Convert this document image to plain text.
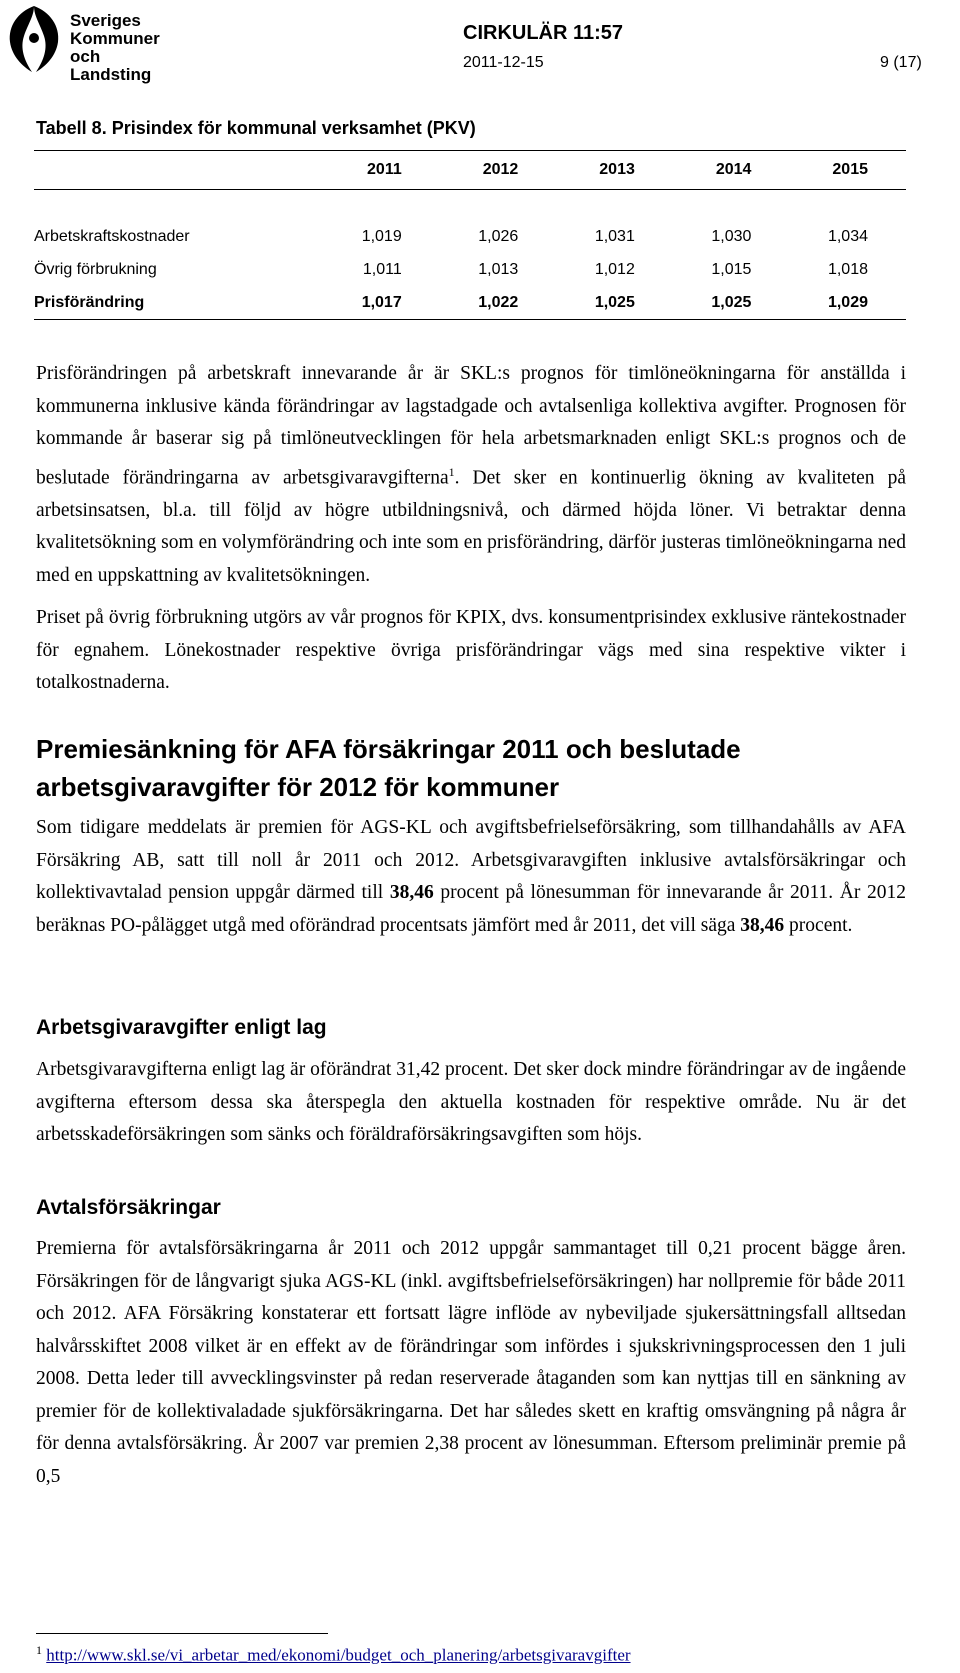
Sveriges
Kommuner
och Landsting
CIRKULÄR 11:57
2011-12-15	9 (17)
Tabell 8. Prisindex för kommunal verksamhet (PKV)
	2011	2012	2013	2014	2015

Arbetskraftskostnader	1,019	1,026	1,031	1,030	1,034
Övrig förbrukning	1,011	1,013	1,012	1,015	1,018
Prisförändring	1,017	1,022	1,025	1,025	1,029

Prisförändringen på arbetskraft innevarande år är SKL:s prognos för timlöneökningarna för anställda i kommunerna inklusive kända förändringar av lagstadgade och avtalsenliga kollektiva avgifter. Prognosen för kommande år baserar sig på timlöneutvecklingen för hela arbetsmarknaden enligt SKL:s prognos och de beslutade förändringarna av arbetsgivaravgifterna$^1$. Det sker en kontinuerlig ökning av kvaliteten på arbetsinsatsen, bl.a. till följd av högre utbildningsnivå, och därmed höjda löner. Vi betraktar denna kvalitetsökning som en volymförändring och inte som en prisförändring, därför justeras timlöneökningarna ned med en uppskattning av kvalitetsökningen.

Priset på övrig förbrukning utgörs av vår prognos för KPIX, dvs. konsumentprisindex exklusive räntekostnader för egnahem. Lönekostnader respektive övriga prisförändringar vägs med sina respektive vikter i totalkostnaderna.

Premiesänkning för AFA försäkringar 2011 och beslutade arbetsgivaravgifter för 2012 för kommuner

Som tidigare meddelats är premien för AGS-KL och avgiftsbefrielseförsäkring, som tillhandahålls av AFA Försäkring AB, satt till noll år 2011 och 2012. Arbetsgivaravgiften inklusive avtalsförsäkringar och kollektivavtalad pension uppgår därmed till 38,46 procent på lönesumman för innevarande år 2011. År 2012 beräknas PO-pålägget utgå med oförändrad procentsats jämfört med år 2011, det vill säga 38,46 procent.

Arbetsgivaravgifter enligt lag

Arbetsgivaravgifterna enligt lag är oförändrat 31,42 procent. Det sker dock mindre förändringar av de ingående avgifterna eftersom dessa ska återspegla den aktuella kostnaden för respektive område. Nu är det arbetsskadeförsäkringen som sänks och föräldraförsäkringsavgiften som höjs.

Avtalsförsäkringar

Premierna för avtalsförsäkringarna år 2011 och 2012 uppgår sammantaget till 0,21 procent bägge åren. Försäkringen för de långvarigt sjuka AGS-KL (inkl. avgiftsbefrielseförsäkringen) har nollpremie för både 2011 och 2012. AFA Försäkring konstaterar ett fortsatt lägre inflöde av nybeviljade sjukersättningsfall alltsedan halvårsskiftet 2008 vilket är en effekt av de förändringar som infördes i sjukskrivningsprocessen den 1 juli 2008. Detta leder till avvecklingsvinster på redan reserverade åtaganden som kan nyttjas till en sänkning av premier för de kollektivaladade sjukförsäkringarna. Det har således skett en kraftig omsvängning på några år för denna avtalsförsäkring. År 2007 var premien 2,38 procent av lönesumman. Eftersom preliminär premie på 0,5

$^1$ http://www.skl.se/vi_arbetar_med/ekonomi/budget_och_planering/arbetsgivaravgifter
